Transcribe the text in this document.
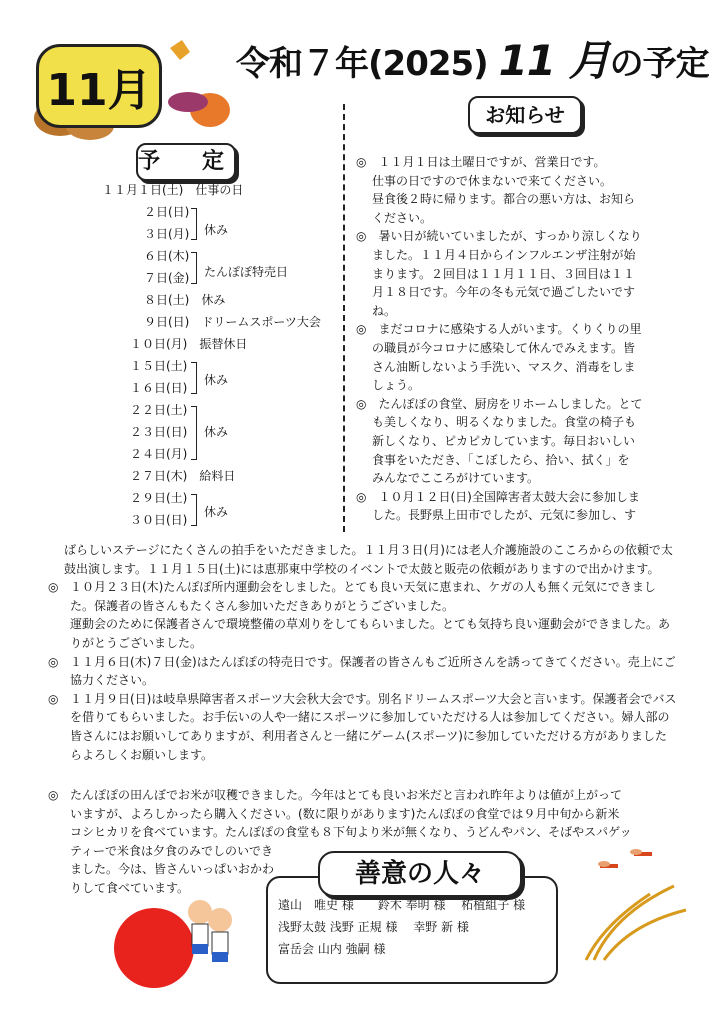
11月
令和７年(2025) 11 月の予定
お知らせ
予　定
１１月１日(土)　 仕事の日
２日(日)
３日(月)
６日(木)
７日(金)
８日(土)　 休み
９日(日)　 ドリームスポーツ大会
１０日(月)　 振替休日
１５日(土)
１６日(日)
２２日(土)
２３日(日)
２４日(月)
２７日(木)　 給料日
２９日(土)
３０日(日)
休み
たんぽぽ特売日
休み
休み
休み
◎　１１月１日は土曜日ですが、営業日です。
仕事の日ですので休まないで来てください。
昼食後２時に帰ります。都合の悪い方は、お知ら
ください。
◎　暑い日が続いていましたが、すっかり涼しくなり
ました。１１月４日からインフルエンザ注射が始
まります。２回目は１１月１１日、３回目は１１
月１８日です。今年の冬も元気で過ごしたいです
ね。
◎　まだコロナに感染する人がいます。くりくりの里
の職員が今コロナに感染して休んでみえます。皆
さん油断しないよう手洗い、マスク、消毒をしま
しょう。
◎　たんぽぽの食堂、厨房をリホームしました。とて
も美しくなり、明るくなりました。食堂の椅子も
新しくなり、ピカピカしています。毎日おいしい
食事をいただき、「こぼしたら、拾い、拭く」を
みんなでこころがけています。
◎　１０月１２日(日)全国障害者太鼓大会に参加しま
した。長野県上田市でしたが、元気に参加し、す
ばらしいステージにたくさんの拍手をいただきました。１１月３日(月)には老人介護施設のこころからの依頼で太鼓出演します。１１月１５日(土)には恵那東中学校のイベントで太鼓と販売の依頼がありますので出かけます。
◎ １０月２３日(木)たんぽぽ所内運動会をしました。とても良い天気に恵まれ、ケガの人も無く元気にできました。保護者の皆さんもたくさん参加いただきありがとうございました。
運動会のために保護者さんで環境整備の草刈りをしてもらいました。とても気持ち良い運動会ができました。ありがとうございました。
◎ １１月６日(木)７日(金)はたんぽぽの特売日です。保護者の皆さんもご近所さんを誘ってきてください。売上にご協力ください。
◎ １１月９日(日)は岐阜県障害者スポーツ大会秋大会です。別名ドリームスポーツ大会と言います。保護者会でバスを借りてもらいました。お手伝いの人や一緒にスポーツに参加していただける人は参加してください。婦人部の皆さんにはお願いしてありますが、利用者さんと一緒にゲーム(スポーツ)に参加していただける方がありましたらよろしくお願いします。
◎ たんぽぽの田んぼでお米が収穫できました。今年はとても良いお米だと言われ昨年よりは値が上がって
いますが、よろしかったら購入ください。(数に限りがあります)たんぽぽの食堂では９月中旬から新米
コシヒカリを食べています。たんぽぽの食堂も８下旬より米が無くなり、うどんやパン、そばやスパゲッ
ティーで米食は夕食のみでしのいでき
ました。今は、皆さんいっぱいおかわ
りして食べています。
遠山　唯史 様　　鈴木 奉明 様　 柘植組子 様
浅野太鼓 浅野 正規 様　 幸野 新 様
富岳会 山内 強嗣 様
善意の人々
